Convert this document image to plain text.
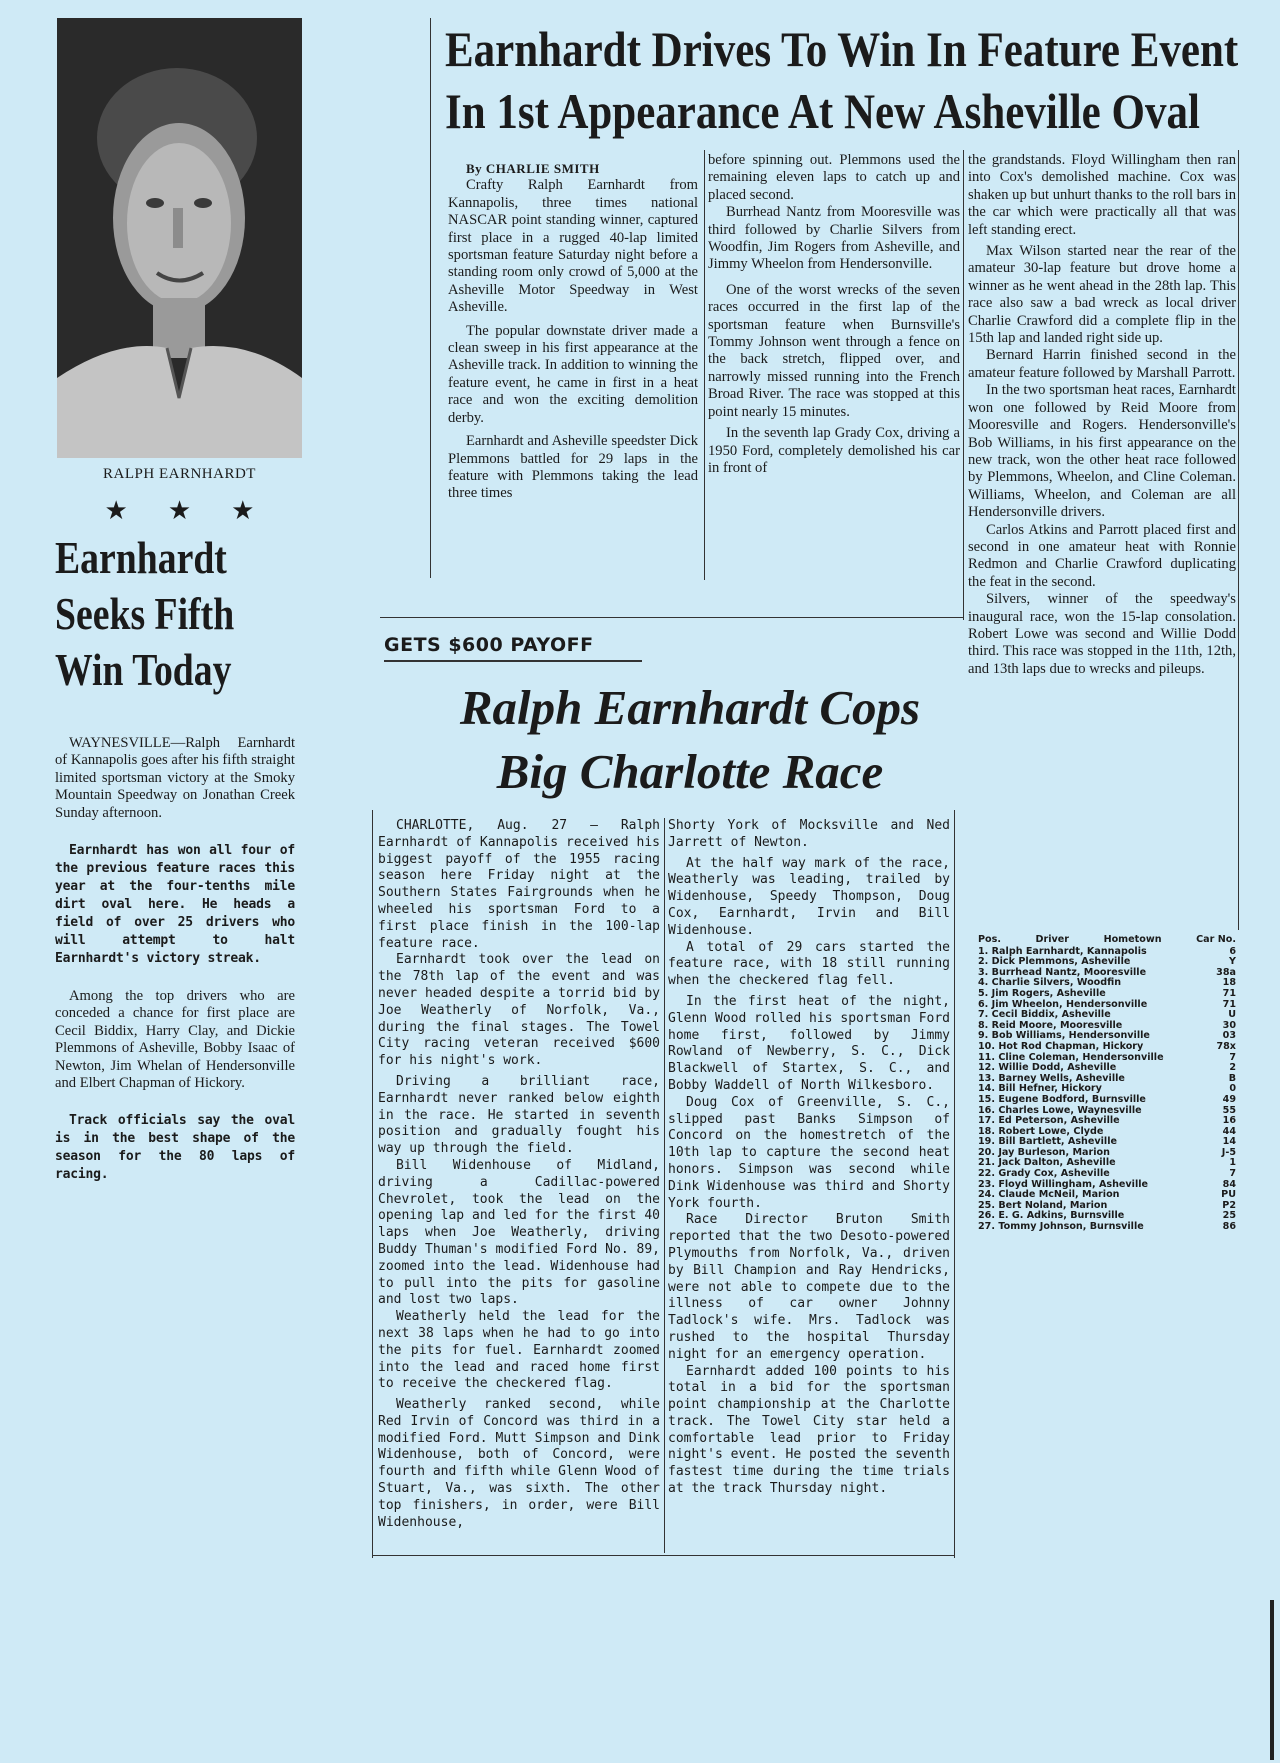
RALPH EARNHARDT
★★★
Earnhardt
Seeks Fifth
Win Today

WAYNESVILLE—Ralph Earnhardt of Kannapolis goes after his fifth straight limited sportsman victory at the Smoky Mountain Speedway on Jonathan Creek Sunday afternoon.

Earnhardt has won all four of the previous feature races this year at the four-tenths mile dirt oval here. He heads a field of over 25 drivers who will attempt to halt Earnhardt's victory streak.

Among the top drivers who are conceded a chance for first place are Cecil Biddix, Harry Clay, and Dickie Plemmons of Asheville, Bobby Isaac of Newton, Jim Whelan of Hendersonville and Elbert Chapman of Hickory.

Track officials say the oval is in the best shape of the season for the 80 laps of racing.

Earnhardt Drives To Win In Feature Event
In 1st Appearance At New Asheville Oval

By CHARLIE SMITH

Crafty Ralph Earnhardt from Kannapolis, three times national NASCAR point standing winner, captured first place in a rugged 40-lap limited sportsman feature Saturday night before a standing room only crowd of 5,000 at the Asheville Motor Speedway in West Asheville.

The popular downstate driver made a clean sweep in his first appearance at the Asheville track. In addition to winning the feature event, he came in first in a heat race and won the exciting demolition derby.

Earnhardt and Asheville speedster Dick Plemmons battled for 29 laps in the feature with Plemmons taking the lead three times

before spinning out. Plemmons used the remaining eleven laps to catch up and placed second.

Burrhead Nantz from Mooresville was third followed by Charlie Silvers from Woodfin, Jim Rogers from Asheville, and Jimmy Wheelon from Hendersonville.

One of the worst wrecks of the seven races occurred in the first lap of the sportsman feature when Burnsville's Tommy Johnson went through a fence on the back stretch, flipped over, and narrowly missed running into the French Broad River. The race was stopped at this point nearly 15 minutes.

In the seventh lap Grady Cox, driving a 1950 Ford, completely demolished his car in front of

the grandstands. Floyd Willingham then ran into Cox's demolished machine. Cox was shaken up but unhurt thanks to the roll bars in the car which were practically all that was left standing erect.

Max Wilson started near the rear of the amateur 30-lap feature but drove home a winner as he went ahead in the 28th lap. This race also saw a bad wreck as local driver Charlie Crawford did a complete flip in the 15th lap and landed right side up.

Bernard Harrin finished second in the amateur feature followed by Marshall Parrott.

In the two sportsman heat races, Earnhardt won one followed by Reid Moore from Mooresville and Rogers. Hendersonville's Bob Williams, in his first appearance on the new track, won the other heat race followed by Plemmons, Wheelon, and Cline Coleman. Williams, Wheelon, and Coleman are all Hendersonville drivers.

Carlos Atkins and Parrott placed first and second in one amateur heat with Ronnie Redmon and Charlie Crawford duplicating the feat in the second.

Silvers, winner of the speedway's inaugural race, won the 15-lap consolation. Robert Lowe was second and Willie Dodd third. This race was stopped in the 11th, 12th, and 13th laps due to wrecks and pileups.

Pos.	Driver	Hometown	Car No.
1. Ralph Earnhardt, Kannapolis	6
2. Dick Plemmons, Asheville	Y
3. Burrhead Nantz, Mooresville	38a
4. Charlie Silvers, Woodfin	18
5. Jim Rogers, Asheville	71
6. Jim Wheelon, Hendersonville	71
7. Cecil Biddix, Asheville	U
8. Reid Moore, Mooresville	30
9. Bob Williams, Hendersonville	03
10. Hot Rod Chapman, Hickory	78x
11. Cline Coleman, Hendersonville	7
12. Willie Dodd, Asheville	2
13. Barney Wells, Asheville	B
14. Bill Hefner, Hickory	0
15. Eugene Bodford, Burnsville	49
16. Charles Lowe, Waynesville	55
17. Ed Peterson, Asheville	16
18. Robert Lowe, Clyde	44
19. Bill Bartlett, Asheville	14
20. Jay Burleson, Marion	J-5
21. Jack Dalton, Asheville	1
22. Grady Cox, Asheville	7
23. Floyd Willingham, Asheville	84
24. Claude McNeil, Marion	PU
25. Bert Noland, Marion	P2
26. E. G. Adkins, Burnsville	25
27. Tommy Johnson, Burnsville	86
GETS $600 PAYOFF
Ralph Earnhardt Cops
Big Charlotte Race

CHARLOTTE, Aug. 27 — Ralph Earnhardt of Kannapolis received his biggest payoff of the 1955 racing season here Friday night at the Southern States Fairgrounds when he wheeled his sportsman Ford to a first place finish in the 100-lap feature race.

Earnhardt took over the lead on the 78th lap of the event and was never headed despite a torrid bid by Joe Weatherly of Norfolk, Va., during the final stages. The Towel City racing veteran received $600 for his night's work.

Driving a brilliant race, Earnhardt never ranked below eighth in the race. He started in seventh position and gradually fought his way up through the field.

Bill Widenhouse of Midland, driving a Cadillac-powered Chevrolet, took the lead on the opening lap and led for the first 40 laps when Joe Weatherly, driving Buddy Thuman's modified Ford No. 89, zoomed into the lead. Widenhouse had to pull into the pits for gasoline and lost two laps.

Weatherly held the lead for the next 38 laps when he had to go into the pits for fuel. Earnhardt zoomed into the lead and raced home first to receive the checkered flag.

Weatherly ranked second, while Red Irvin of Concord was third in a modified Ford. Mutt Simpson and Dink Widenhouse, both of Concord, were fourth and fifth while Glenn Wood of Stuart, Va., was sixth. The other top finishers, in order, were Bill Widenhouse,

Shorty York of Mocksville and Ned Jarrett of Newton.

At the half way mark of the race, Weatherly was leading, trailed by Widenhouse, Speedy Thompson, Doug Cox, Earnhardt, Irvin and Bill Widenhouse.

A total of 29 cars started the feature race, with 18 still running when the checkered flag fell.

In the first heat of the night, Glenn Wood rolled his sportsman Ford home first, followed by Jimmy Rowland of Newberry, S. C., Dick Blackwell of Startex, S. C., and Bobby Waddell of North Wilkesboro.

Doug Cox of Greenville, S. C., slipped past Banks Simpson of Concord on the homestretch of the 10th lap to capture the second heat honors. Simpson was second while Dink Widenhouse was third and Shorty York fourth.

Race Director Bruton Smith reported that the two Desoto-powered Plymouths from Norfolk, Va., driven by Bill Champion and Ray Hendricks, were not able to compete due to the illness of car owner Johnny Tadlock's wife. Mrs. Tadlock was rushed to the hospital Thursday night for an emergency operation.

Earnhardt added 100 points to his total in a bid for the sportsman point championship at the Charlotte track. The Towel City star held a comfortable lead prior to Friday night's event. He posted the seventh fastest time during the time trials at the track Thursday night.
